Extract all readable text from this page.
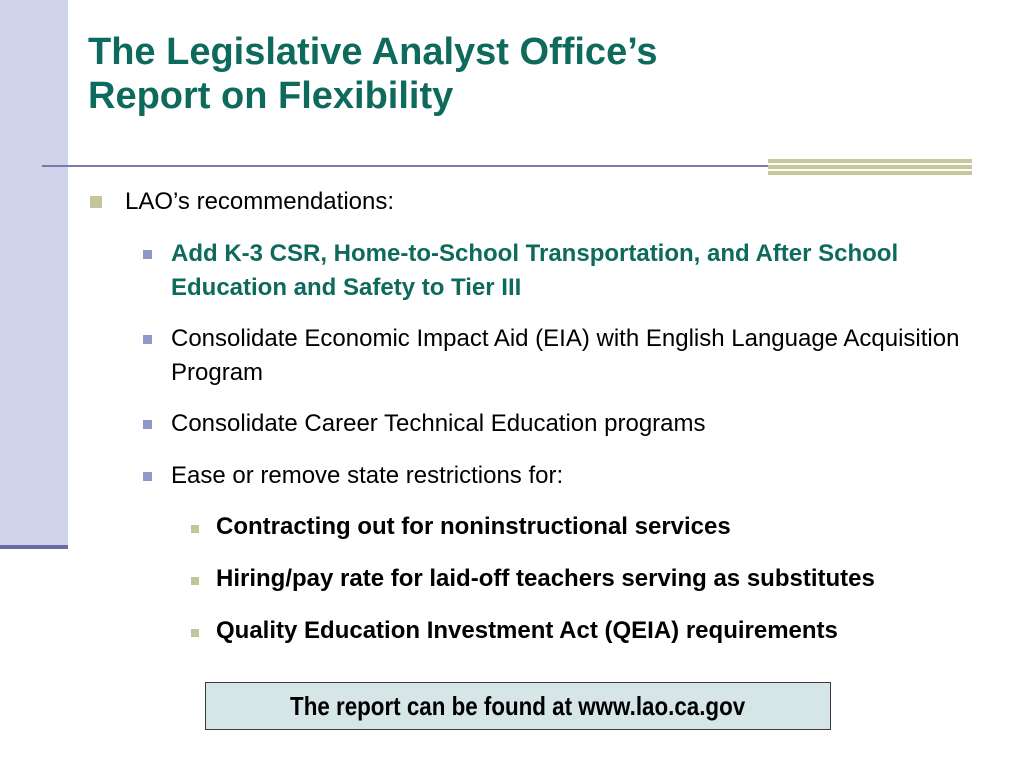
The Legislative Analyst Office’s
Report on Flexibility
LAO’s recommendations:
Add K-3 CSR, Home-to-School Transportation, and After School Education and Safety to Tier III
Consolidate Economic Impact Aid (EIA) with English Language Acquisition Program
Consolidate Career Technical Education programs
Ease or remove state restrictions for:
Contracting out for noninstructional services
Hiring/pay rate for laid-off teachers serving as substitutes
Quality Education Investment Act (QEIA) requirements
The report can be found at www.lao.ca.gov
